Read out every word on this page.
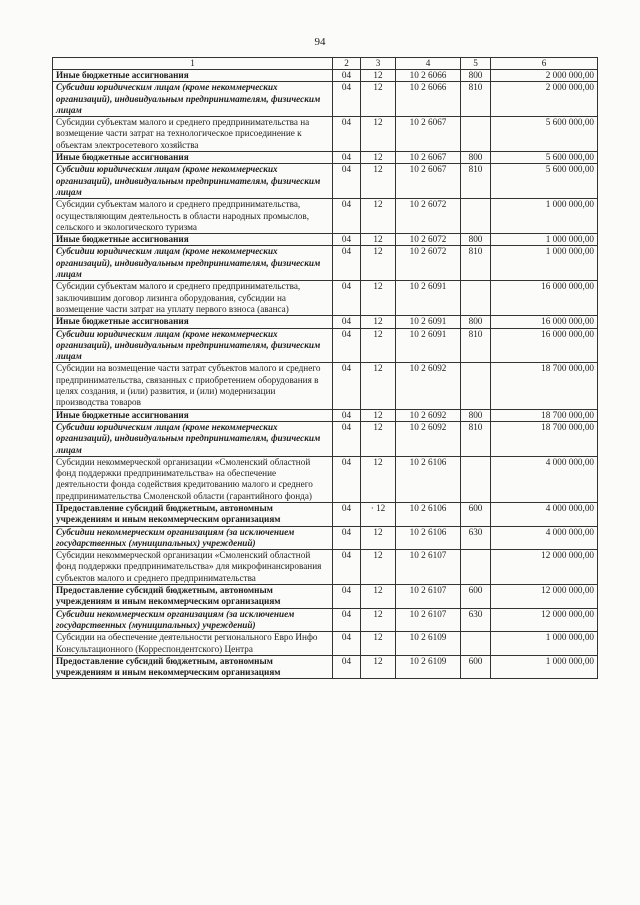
94
1	2	3	4	5	6
Иные бюджетные ассигнования	04	12	10 2 6066	800	2 000 000,00
Субсидии юридическим лицам (кроме некоммерческих организаций), индивидуальным предпринимателям, физическим лицам	04	12	10 2 6066	810	2 000 000,00
Субсидии субъектам малого и среднего предпринимательства на возмещение части затрат на технологическое присоединение к объектам электросетевого хозяйства	04	12	10 2 6067		5 600 000,00
Иные бюджетные ассигнования	04	12	10 2 6067	800	5 600 000,00
Субсидии юридическим лицам (кроме некоммерческих организаций), индивидуальным предпринимателям, физическим лицам	04	12	10 2 6067	810	5 600 000,00
Субсидии субъектам малого и среднего предпринимательства, осуществляющим деятельность в области народных промыслов, сельского и экологического туризма	04	12	10 2 6072		1 000 000,00
Иные бюджетные ассигнования	04	12	10 2 6072	800	1 000 000,00
Субсидии юридическим лицам (кроме некоммерческих организаций), индивидуальным предпринимателям, физическим лицам	04	12	10 2 6072	810	1 000 000,00
Субсидии субъектам малого и среднего предпринимательства, заключившим договор лизинга оборудования, субсидии на возмещение части затрат на уплату первого взноса (аванса)	04	12	10 2 6091		16 000 000,00
Иные бюджетные ассигнования	04	12	10 2 6091	800	16 000 000,00
Субсидии юридическим лицам (кроме некоммерческих организаций), индивидуальным предпринимателям, физическим лицам	04	12	10 2 6091	810	16 000 000,00
Субсидии на возмещение части затрат субъектов малого и среднего предпринимательства, связанных с приобретением оборудования в целях создания, и (или) развития, и (или) модернизации производства товаров	04	12	10 2 6092		18 700 000,00
Иные бюджетные ассигнования	04	12	10 2 6092	800	18 700 000,00
Субсидии юридическим лицам (кроме некоммерческих организаций), индивидуальным предпринимателям, физическим лицам	04	12	10 2 6092	810	18 700 000,00
Субсидии некоммерческой организации «Смоленский областной фонд поддержки предпринимательства» на обеспечение деятельности фонда содействия кредитованию малого и среднего предпринимательства Смоленской области (гарантийного фонда)	04	12	10 2 6106		4 000 000,00
Предоставление субсидий бюджетным, автономным учреждениям и иным некоммерческим организациям	04	· 12	10 2 6106	600	4 000 000,00
Субсидии некоммерческим организациям (за исключением государственных (муниципальных) учреждений)	04	12	10 2 6106	630	4 000 000,00
Субсидии некоммерческой организации «Смоленский областной фонд поддержки предпринимательства» для микрофинансирования субъектов малого и среднего предпринимательства	04	12	10 2 6107		12 000 000,00
Предоставление субсидий бюджетным, автономным учреждениям и иным некоммерческим организациям	04	12	10 2 6107	600	12 000 000,00
Субсидии некоммерческим организациям (за исключением государственных (муниципальных) учреждений)	04	12	10 2 6107	630	12 000 000,00
Субсидии на обеспечение деятельности регионального Евро Инфо Консультационного (Корреспондентского) Центра	04	12	10 2 6109		1 000 000,00
Предоставление субсидий бюджетным, автономным учреждениям и иным некоммерческим организациям	04	12	10 2 6109	600	1 000 000,00
